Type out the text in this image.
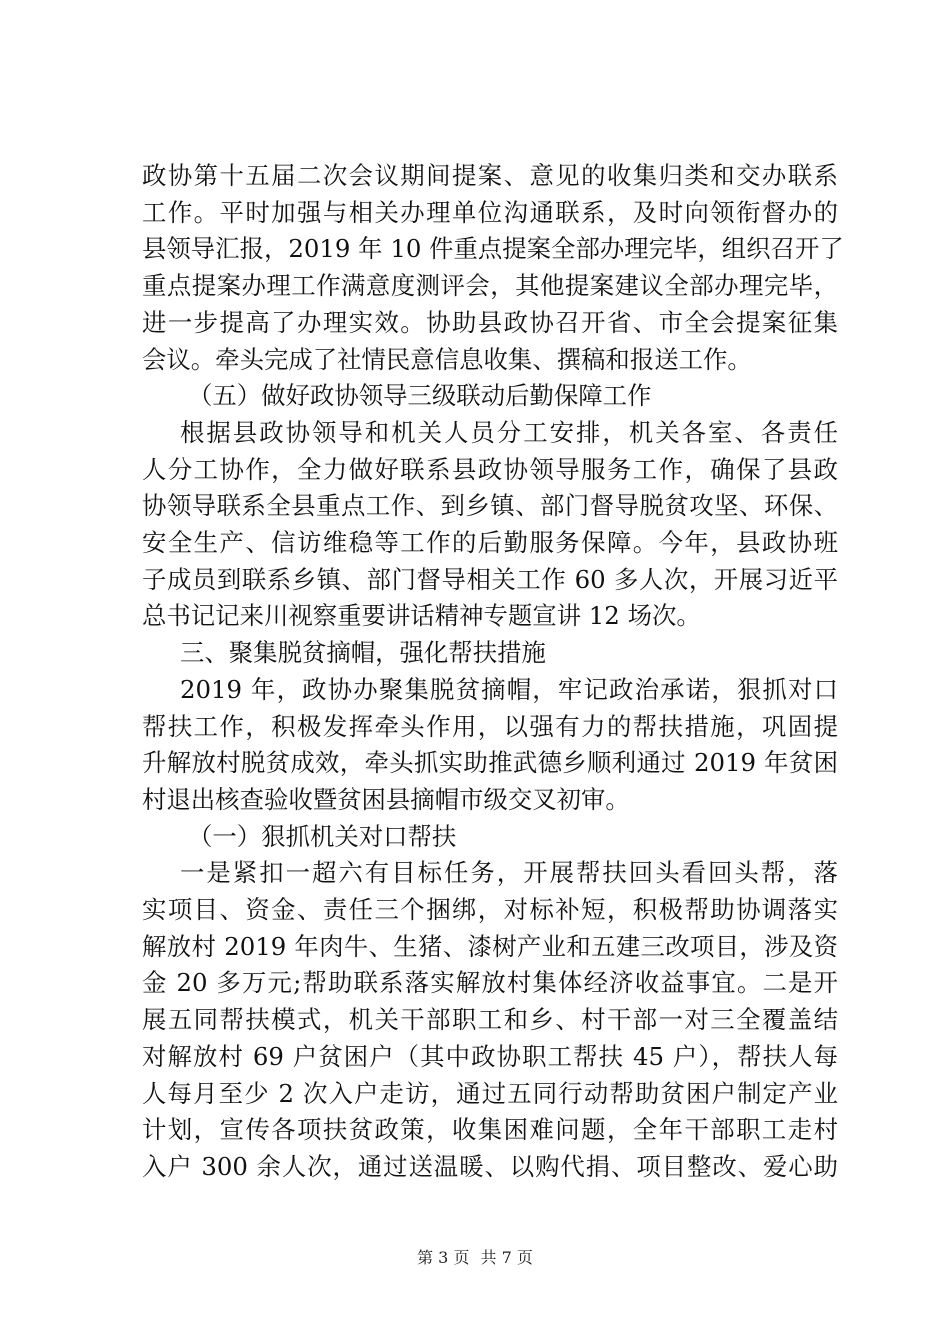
政协第十五届二次会议期间提案、意见的收集归类和交办联系
工作。平时加强与相关办理单位沟通联系，及时向领衔督办的
县领导汇报，2019 年 10 件重点提案全部办理完毕，组织召开了
重点提案办理工作满意度测评会，其他提案建议全部办理完毕，
进一步提高了办理实效。协助县政协召开省、市全会提案征集
会议。牵头完成了社情民意信息收集、撰稿和报送工作。
（五）做好政协领导三级联动后勤保障工作
根据县政协领导和机关人员分工安排，机关各室、各责任
人分工协作，全力做好联系县政协领导服务工作，确保了县政
协领导联系全县重点工作、到乡镇、部门督导脱贫攻坚、环保、
安全生产、信访维稳等工作的后勤服务保障。今年，县政协班
子成员到联系乡镇、部门督导相关工作 60 多人次，开展习近平
总书记记来川视察重要讲话精神专题宣讲 12 场次。
三、聚集脱贫摘帽，强化帮扶措施
2019 年，政协办聚集脱贫摘帽，牢记政治承诺，狠抓对口
帮扶工作，积极发挥牵头作用，以强有力的帮扶措施，巩固提
升解放村脱贫成效，牵头抓实助推武德乡顺利通过 2019 年贫困
村退出核查验收暨贫困县摘帽市级交叉初审。
（一）狠抓机关对口帮扶
一是紧扣一超六有目标任务，开展帮扶回头看回头帮，落
实项目、资金、责任三个捆绑，对标补短，积极帮助协调落实
解放村 2019 年肉牛、生猪、漆树产业和五建三改项目，涉及资
金 20 多万元;帮助联系落实解放村集体经济收益事宜。二是开
展五同帮扶模式，机关干部职工和乡、村干部一对三全覆盖结
对解放村 69 户贫困户（其中政协职工帮扶 45 户），帮扶人每
人每月至少 2 次入户走访，通过五同行动帮助贫困户制定产业
计划，宣传各项扶贫政策，收集困难问题，全年干部职工走村
入户 300 余人次，通过送温暖、以购代捐、项目整改、爱心助
第 3 页 共 7 页
